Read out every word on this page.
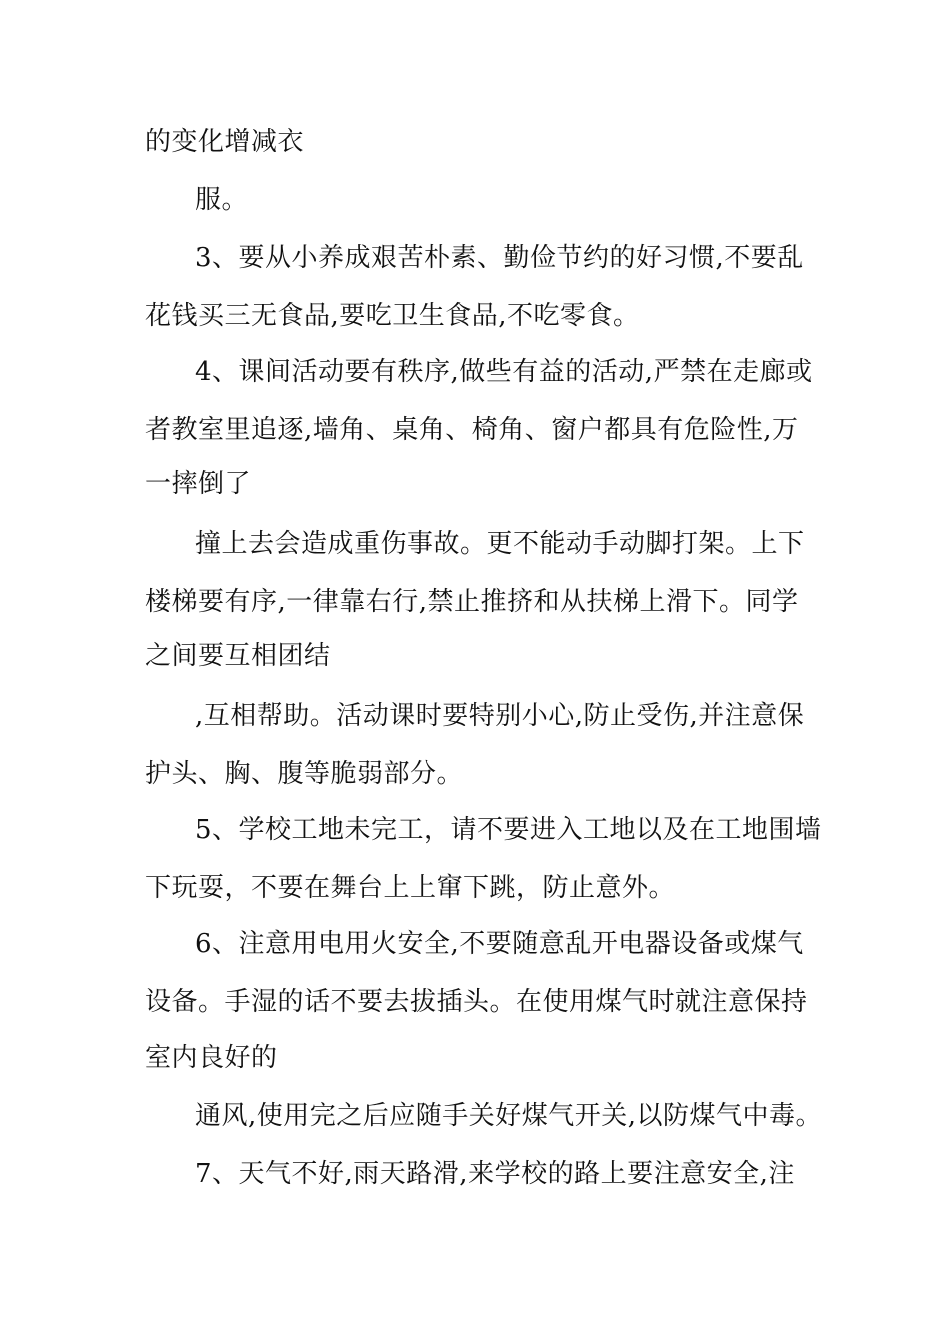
的变化增减衣

服。

3、要从小养成艰苦朴素、勤俭节约的好习惯,不要乱

花钱买三无食品,要吃卫生食品,不吃零食。

4、课间活动要有秩序,做些有益的活动,严禁在走廊或

者教室里追逐,墙角、桌角、椅角、窗户都具有危险性,万

一摔倒了

撞上去会造成重伤事故。更不能动手动脚打架。上下

楼梯要有序,一律靠右行,禁止推挤和从扶梯上滑下。同学

之间要互相团结

,互相帮助。活动课时要特别小心,防止受伤,并注意保

护头、胸、腹等脆弱部分。

5、学校工地未完工，请不要进入工地以及在工地围墙

下玩耍，不要在舞台上上窜下跳，防止意外。

6、注意用电用火安全,不要随意乱开电器设备或煤气

设备。手湿的话不要去拔插头。在使用煤气时就注意保持

室内良好的

通风,使用完之后应随手关好煤气开关,以防煤气中毒。

7、天气不好,雨天路滑,来学校的路上要注意安全,注
